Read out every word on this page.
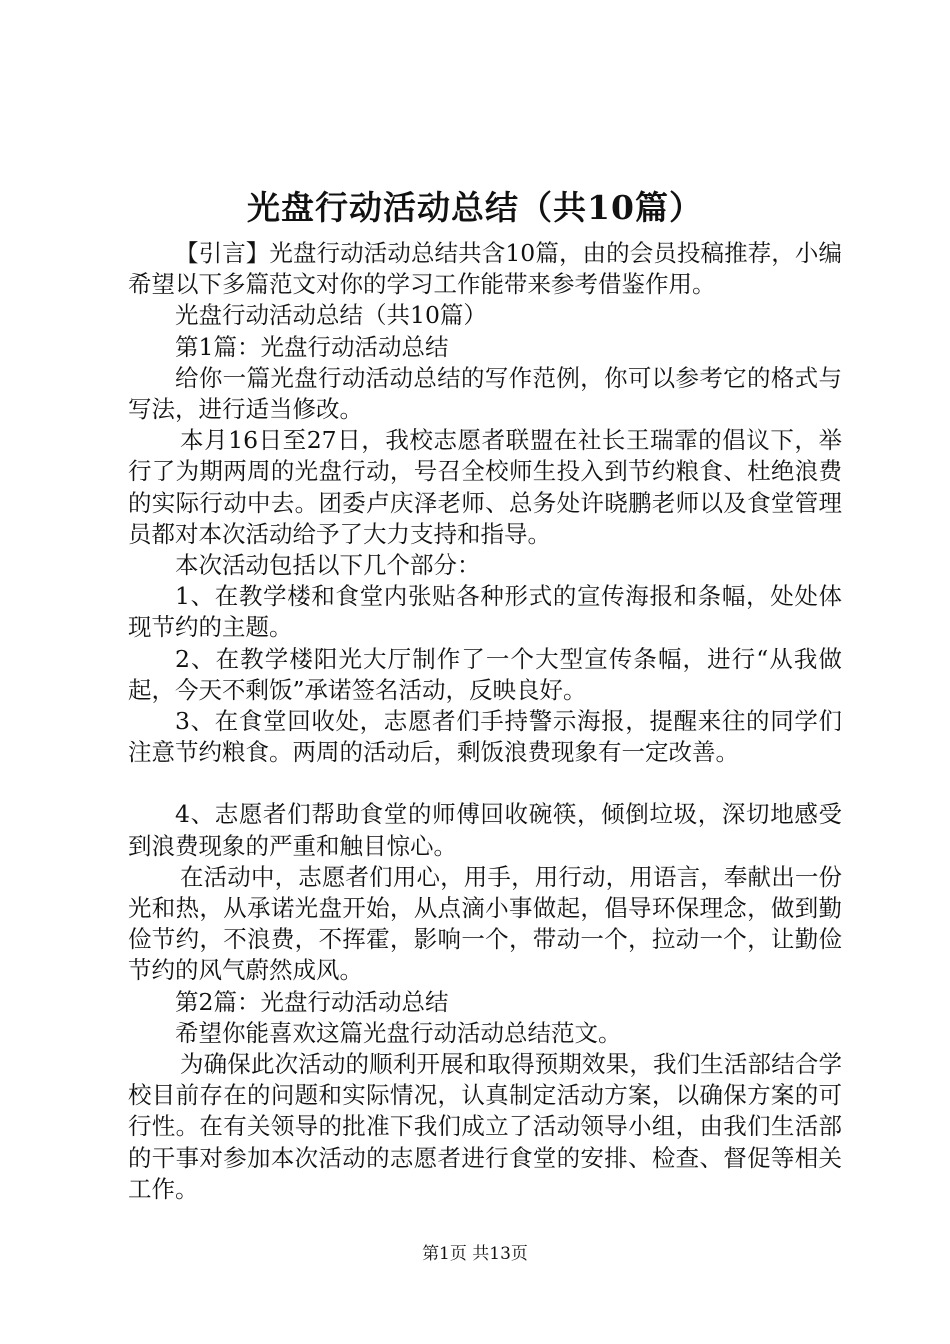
光盘行动活动总结（共10篇）

【引言】光盘行动活动总结共含10篇，由的会员投稿推荐，小编希望以下多篇范文对你的学习工作能带来参考借鉴作用。

光盘行动活动总结（共10篇）

第1篇：光盘行动活动总结

给你一篇光盘行动活动总结的写作范例，你可以参考它的格式与写法，进行适当修改。

本月16日至27日，我校志愿者联盟在社长王瑞霏的倡议下，举行了为期两周的光盘行动，号召全校师生投入到节约粮食、杜绝浪费的实际行动中去。团委卢庆泽老师、总务处许晓鹏老师以及食堂管理员都对本次活动给予了大力支持和指导。

本次活动包括以下几个部分：

1、在教学楼和食堂内张贴各种形式的宣传海报和条幅，处处体现节约的主题。

2、在教学楼阳光大厅制作了一个大型宣传条幅，进行“从我做起，今天不剩饭”承诺签名活动，反映良好。

3、在食堂回收处，志愿者们手持警示海报，提醒来往的同学们注意节约粮食。两周的活动后，剩饭浪费现象有一定改善。

4、志愿者们帮助食堂的师傅回收碗筷，倾倒垃圾，深切地感受到浪费现象的严重和触目惊心。

在活动中，志愿者们用心，用手，用行动，用语言，奉献出一份光和热，从承诺光盘开始，从点滴小事做起，倡导环保理念，做到勤俭节约，不浪费，不挥霍，影响一个，带动一个，拉动一个，让勤俭节约的风气蔚然成风。

第2篇：光盘行动活动总结

希望你能喜欢这篇光盘行动活动总结范文。

为确保此次活动的顺利开展和取得预期效果，我们生活部结合学校目前存在的问题和实际情况，认真制定活动方案，以确保方案的可行性。在有关领导的批准下我们成立了活动领导小组，由我们生活部的干事对参加本次活动的志愿者进行食堂的安排、检查、督促等相关工作。

第1页 共13页
